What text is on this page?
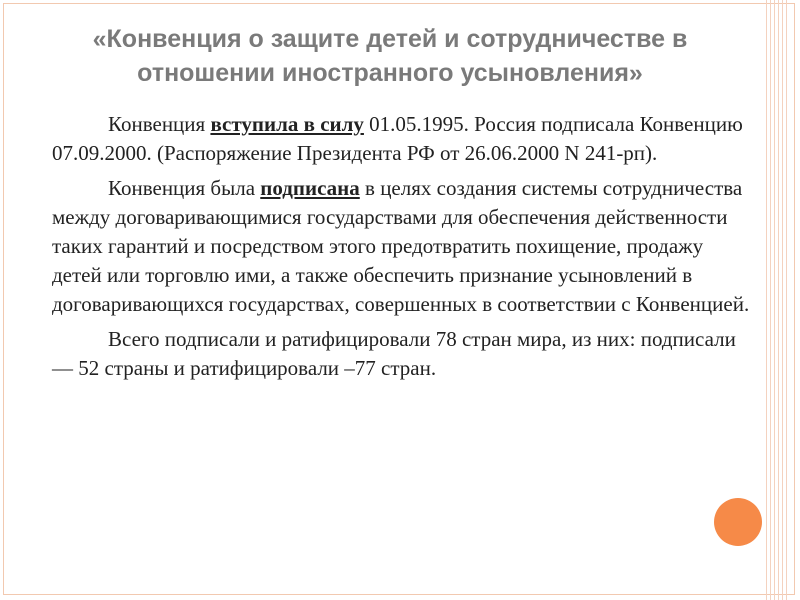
«Конвенция о защите детей и сотрудничестве в отношении иностранного усыновления»

Конвенция вступила в силу 01.05.1995. Россия подписала Конвенцию 07.09.2000. (Распоряжение Президента РФ от 26.06.2000 N 241-рп).

Конвенция была подписана в целях создания системы сотрудничества между договаривающимися государствами для обеспечения действенности таких гарантий и посредством этого предотвратить похищение, продажу детей или торговлю ими, а также обеспечить признание усыновлений в договаривающихся государствах, совершенных в соответствии с Конвенцией.

Всего подписали и ратифицировали 78 стран мира, из них: подписали — 52 страны и ратифицировали –77 стран.
